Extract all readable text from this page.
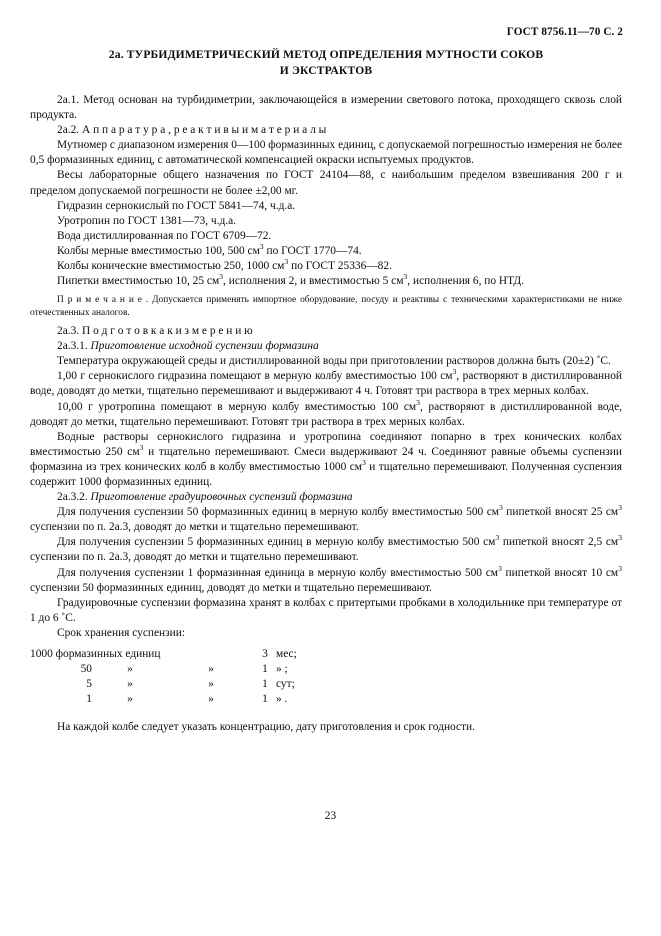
ГОСТ 8756.11—70 С. 2
2a. ТУРБИДИМЕТРИЧЕСКИЙ МЕТОД ОПРЕДЕЛЕНИЯ МУТНОСТИ СОКОВ
И ЭКСТРАКТОВ

2a.1. Метод основан на турбидиметрии, заключающейся в измерении светового потока, проходящего сквозь слой продукта.

2a.2. А п п а р а т у р а , р е а к т и в ы и м а т е р и а л ы

Мутномер с диапазоном измерения 0—100 формазинных единиц, с допускаемой погрешностью измерения не более 0,5 формазинных единиц, с автоматической компенсацией окраски испытуемых продуктов.

Весы лабораторные общего назначения по ГОСТ 24104—88, с наибольшим пределом взвешивания 200 г и пределом допускаемой погрешности не более ±2,00 мг.

Гидразин сернокислый по ГОСТ 5841—74, ч.д.а.

Уротропин по ГОСТ 1381—73, ч.д.а.

Вода дистиллированная по ГОСТ 6709—72.

Колбы мерные вместимостью 100, 500 $см^3$ по ГОСТ 1770—74.

Колбы конические вместимостью 250, 1000 $см^3$ по ГОСТ 25336—82.

Пипетки вместимостью 10, 25 $см^3$, исполнения 2, и вместимостью 5 $см^3$, исполнения 6, по НТД.

П р и м е ч а н и е . Допускается применять импортное оборудование, посуду и реактивы с техническими характеристиками не ниже отечественных аналогов.

2a.3. П о д г о т о в к а к и з м е р е н и ю

2a.3.1. Приготовление исходной суспензии формазина

Температура окружающей среды и дистиллированной воды при приготовлении растворов должна быть (20±2) ˚С.

1,00 г сернокислого гидразина помещают в мерную колбу вместимостью 100 $см^3$, растворяют в дистиллированной воде, доводят до метки, тщательно перемешивают и выдерживают 4 ч. Готовят три раствора в трех мерных колбах.

10,00 г уротропина помещают в мерную колбу вместимостью 100 $см^3$, растворяют в дистиллированной воде, доводят до метки, тщательно перемешивают. Готовят три раствора в трех мерных колбах.

Водные растворы сернокислого гидразина и уротропина соединяют попарно в трех конических колбах вместимостью 250 $см^3$ и тщательно перемешивают. Смеси выдерживают 24 ч. Соединяют равные объемы суспензии формазина из трех конических колб в колбу вместимостью 1000 $см^3$ и тщательно перемешивают. Полученная суспензия содержит 1000 формазинных единиц.

2a.3.2. Приготовление градуировочных суспензий формазина

Для получения суспензии 50 формазинных единиц в мерную колбу вместимостью 500 $см^3$ пипеткой вносят 25 $см^3$ суспензии по п. 2а.3, доводят до метки и тщательно перемешивают.

Для получения суспензии 5 формазинных единиц в мерную колбу вместимостью 500 $см^3$ пипеткой вносят 2,5 $см^3$ суспензии по п. 2а.3, доводят до метки и тщательно перемешивают.

Для получения суспензии 1 формазинная единица в мерную колбу вместимостью 500 $см^3$ пипеткой вносят 10 $см^3$ суспензии 50 формазинных единиц, доводят до метки и тщательно перемешивают.

Градуировочные суспензии формазина хранят в колбах с притертыми пробками в холодильнике при температуре от 1 до 6 ˚С.

Срок хранения суспензии:

1000 формазинных единиц			3	мес;
50	»	»	1	» ;
5	»	»	1	сут;
1	»	»	1	» .

На каждой колбе следует указать концентрацию, дату приготовления и срок годности.

23
